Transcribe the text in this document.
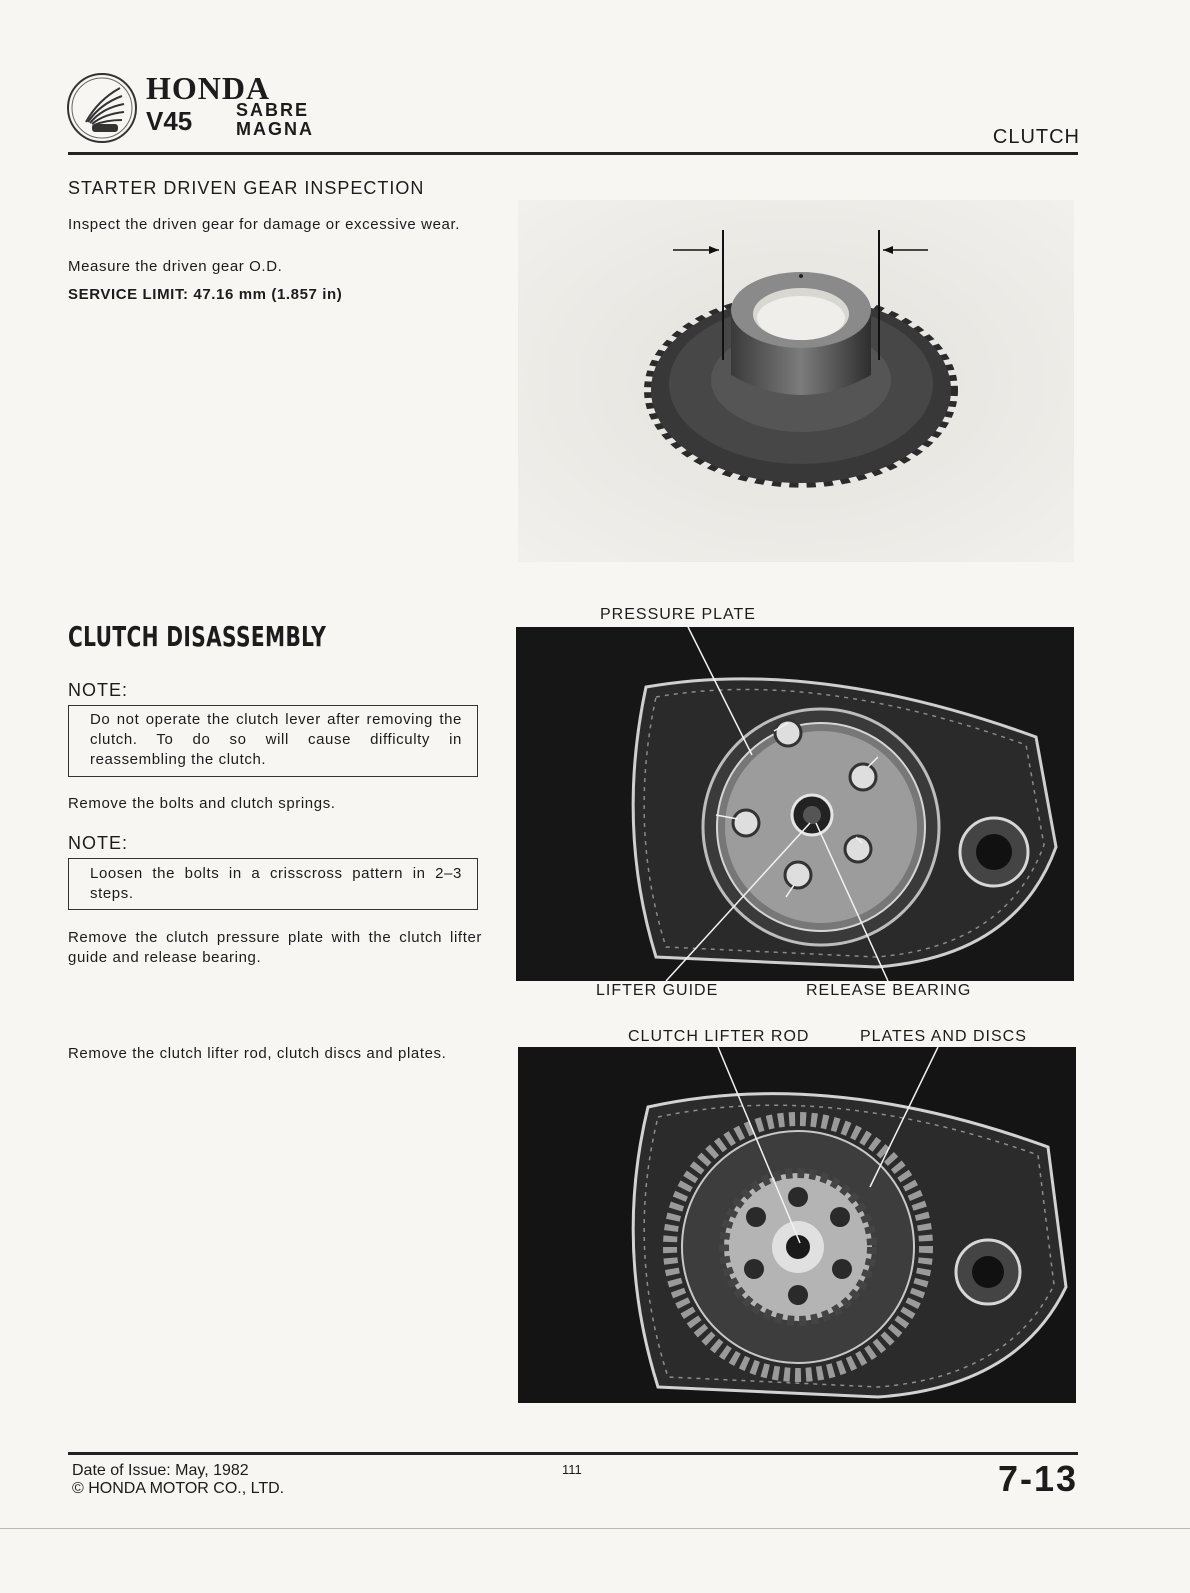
HONDA
V45 SABRE
MAGNA	CLUTCH
STARTER DRIVEN GEAR INSPECTION
Inspect the driven gear for damage or excessive wear.
Measure the driven gear O.D.
SERVICE LIMIT: 47.16 mm (1.857 in)
CLUTCH DISASSEMBLY
NOTE:
Do not operate the clutch lever after removing the clutch. To do so will cause difficulty in reassembling the clutch.
Remove the bolts and clutch springs.
NOTE:
Loosen the bolts in a crisscross pattern in 2–3 steps.
Remove the clutch pressure plate with the clutch lifter guide and release bearing.
Remove the clutch lifter rod, clutch discs and plates.
PRESSURE PLATE
LIFTER GUIDE	RELEASE BEARING
CLUTCH LIFTER ROD	PLATES AND DISCS
Date of Issue: May, 1982
© HONDA MOTOR CO., LTD.
111	7-13
